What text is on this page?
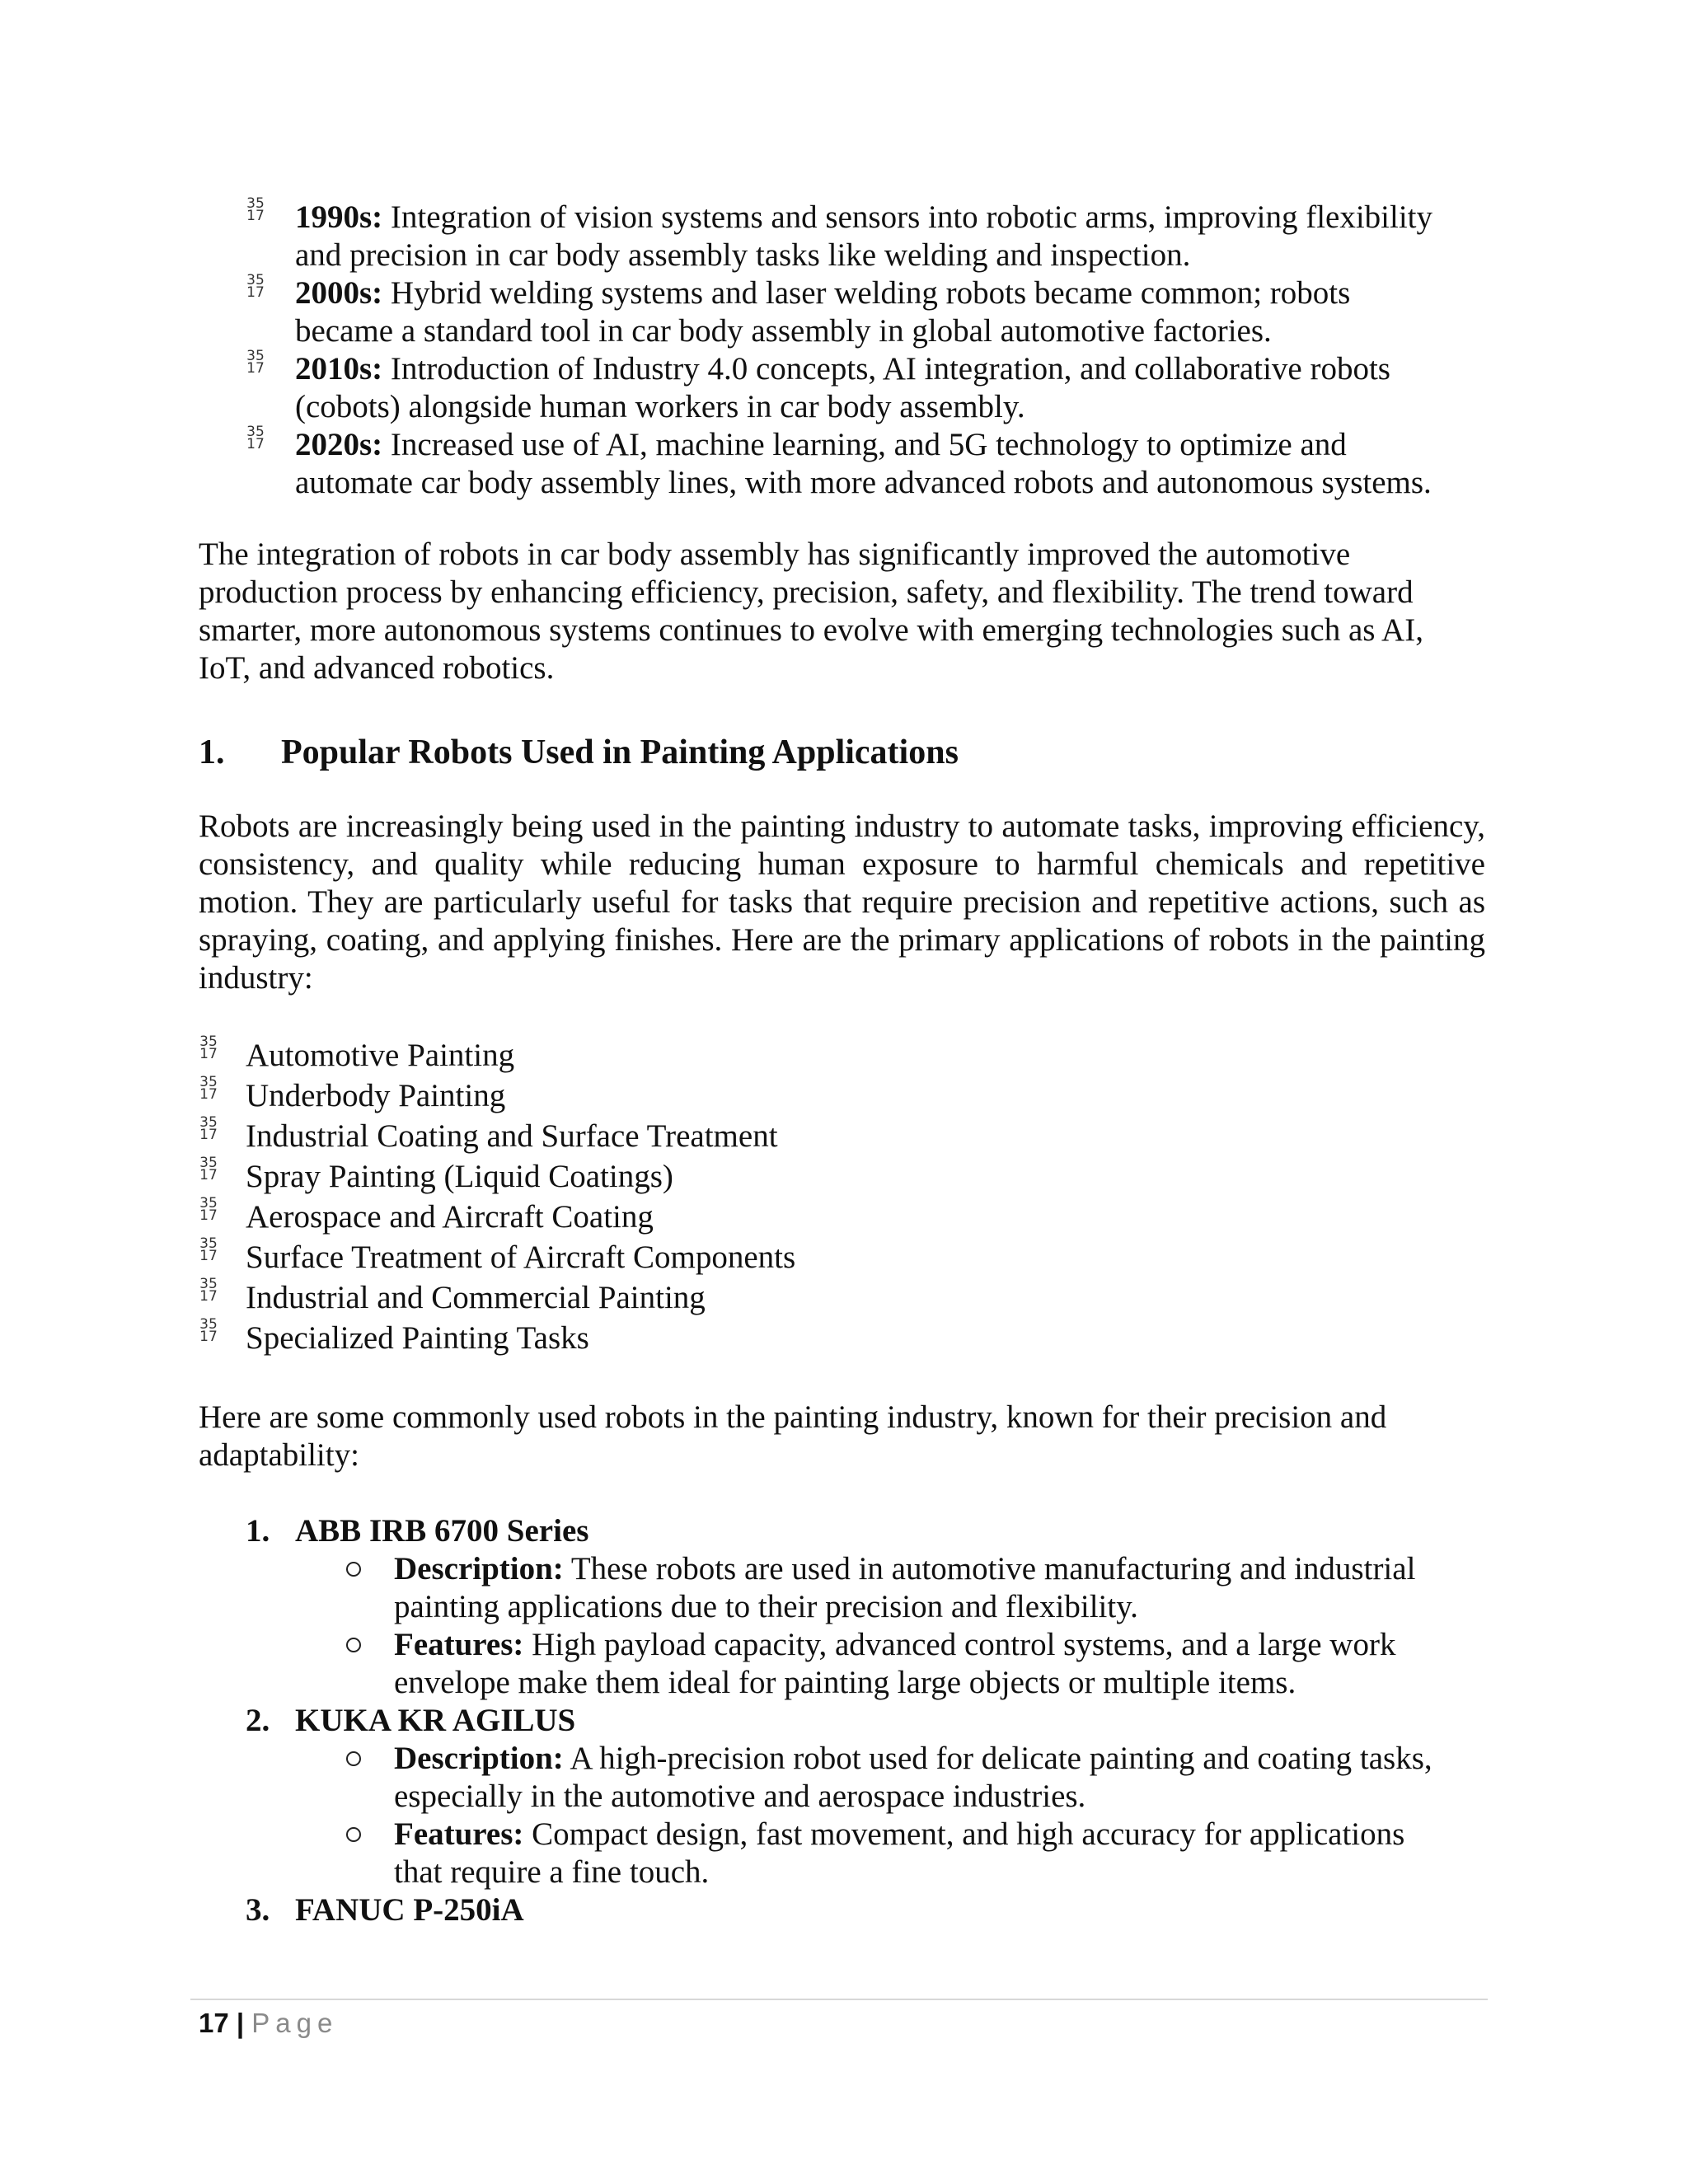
35
17 1990s: Integration of vision systems and sensors into robotic arms, improving flexibility
and precision in car body assembly tasks like welding and inspection.
35
17 2000s: Hybrid welding systems and laser welding robots became common; robots
became a standard tool in car body assembly in global automotive factories.
35
17 2010s: Introduction of Industry 4.0 concepts, AI integration, and collaborative robots
(cobots) alongside human workers in car body assembly.
35
17 2020s: Increased use of AI, machine learning, and 5G technology to optimize and
automate car body assembly lines, with more advanced robots and autonomous systems.
The integration of robots in car body assembly has significantly improved the automotive production process by enhancing efficiency, precision, safety, and flexibility. The trend toward smarter, more autonomous systems continues to evolve with emerging technologies such as AI, IoT, and advanced robotics.
1. Popular Robots Used in Painting Applications
Robots are increasingly being used in the painting industry to automate tasks, improving efficiency, consistency, and quality while reducing human exposure to harmful chemicals and repetitive motion. They are particularly useful for tasks that require precision and repetitive actions, such as spraying, coating, and applying finishes. Here are the primary applications of robots in the painting industry:
35
17 Automotive Painting
35
17 Underbody Painting
35
17 Industrial Coating and Surface Treatment
35
17 Spray Painting (Liquid Coatings)
35
17 Aerospace and Aircraft Coating
35
17 Surface Treatment of Aircraft Components
35
17 Industrial and Commercial Painting
35
17 Specialized Painting Tasks
Here are some commonly used robots in the painting industry, known for their precision and adaptability:
1. ABB IRB 6700 Series
Description: These robots are used in automotive manufacturing and industrial
painting applications due to their precision and flexibility.
Features: High payload capacity, advanced control systems, and a large work
envelope make them ideal for painting large objects or multiple items.
2. KUKA KR AGILUS
Description: A high-precision robot used for delicate painting and coating tasks,
especially in the automotive and aerospace industries.
Features: Compact design, fast movement, and high accuracy for applications
that require a fine touch.
3. FANUC P-250iA
17 | Page
